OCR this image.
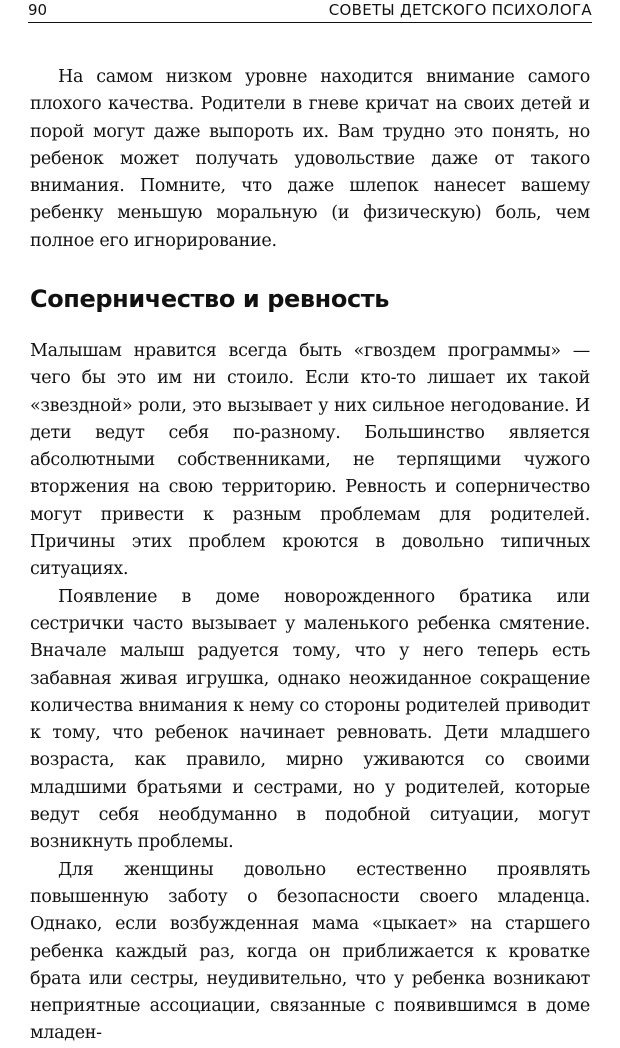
90	СОВЕТЫ ДЕТСКОГО ПСИХОЛОГА

На самом низком уровне находится внимание самого плохого качества. Родители в гневе кричат на своих детей и порой могут даже выпороть их. Вам трудно это понять, но ребенок может получать удовольствие даже от такого внимания. Помните, что даже шлепок нанесет вашему ребенку меньшую моральную (и физическую) боль, чем полное его игнорирование.

Соперничество и ревность

Малышам нравится всегда быть «гвоздем программы» — чего бы это им ни стоило. Если кто-то лишает их такой «звездной» роли, это вызывает у них сильное негодование. И дети ведут себя по-разному. Большинство является абсолютными собственниками, не терпящими чужого вторжения на свою территорию. Ревность и соперничество могут привести к разным проблемам для родителей. Причины этих проблем кроются в довольно типичных ситуациях.

Появление в доме новорожденного братика или сестрички часто вызывает у маленького ребенка смятение. Вначале малыш радуется тому, что у него теперь есть забавная живая игрушка, однако неожиданное сокращение количества внимания к нему со стороны родителей приводит к тому, что ребенок начинает ревновать. Дети младшего возраста, как правило, мирно уживаются со своими младшими братьями и сестрами, но у родителей, которые ведут себя необдуманно в подобной ситуации, могут возникнуть проблемы.

Для женщины довольно естественно проявлять повышенную заботу о безопасности своего младенца. Однако, если возбужденная мама «цыкает» на старшего ребенка каждый раз, когда он приближается к кроватке брата или сестры, неудивительно, что у ребенка возникают неприятные ассоциации, связанные с появившимся в доме младен-
